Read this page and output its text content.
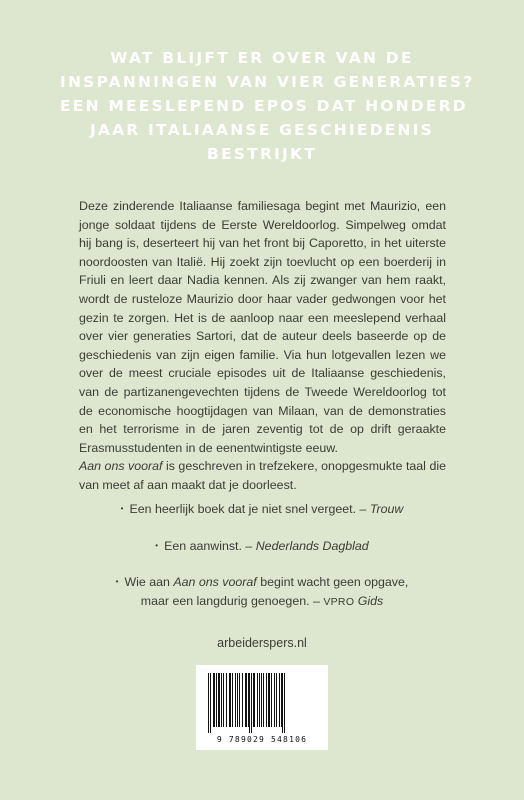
WAT BLIJFT ER OVER VAN DE
INSPANNINGEN VAN VIER GENERATIES?
EEN MEESLEPEND EPOS DAT HONDERD
JAAR ITALIAANSE GESCHIEDENIS
BESTRIJKT

Deze zinderende Italiaanse familiesaga begint met Maurizio, een jonge soldaat tijdens de Eerste Wereldoorlog. Simpelweg omdat hij bang is, deserteert hij van het front bij Caporetto, in het uiterste noordoosten van Italië. Hij zoekt zijn toevlucht op een boerderij in Friuli en leert daar Nadia kennen. Als zij zwanger van hem raakt, wordt de rusteloze Maurizio door haar vader gedwongen voor het gezin te zorgen. Het is de aanloop naar een meeslepend verhaal over vier generaties Sartori, dat de auteur deels baseerde op de geschiedenis van zijn eigen familie. Via hun lotgevallen lezen we over de meest cruciale episodes uit de Italiaanse geschiedenis, van de partizanengevechten tijdens de Tweede Wereldoorlog tot de economische hoogtijdagen van Milaan, van de demonstraties en het terrorisme in de jaren zeventig tot de op drift geraakte Erasmusstudenten in de eenentwintigste eeuw.

Aan ons vooraf is geschreven in trefzekere, onopgesmukte taal die van meet af aan maakt dat je doorleest.

• Een heerlijk boek dat je niet snel vergeet. – Trouw
• Een aanwinst. – Nederlands Dagblad
• Wie aan Aan ons vooraf begint wacht geen opgave,
maar een langdurig genoegen. – VPRO Gids
arbeiderspers.nl
9 789029 548106
